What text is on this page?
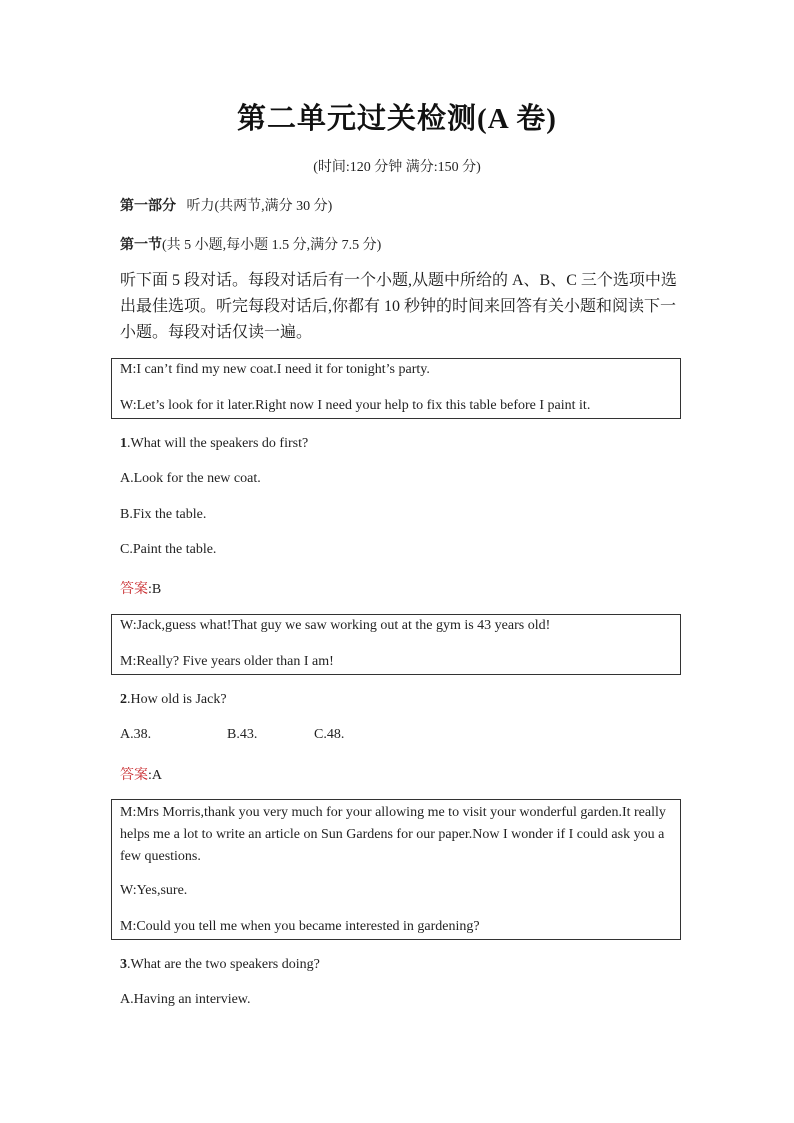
第二单元过关检测(A 卷)
(时间:120 分钟 满分:150 分)
第一部分 听力(共两节,满分 30 分)
第一节(共 5 小题,每小题 1.5 分,满分 7.5 分)
听下面 5 段对话。每段对话后有一个小题,从题中所给的 A、B、C 三个选项中选出最佳选项。听完每段对话后,你都有 10 秒钟的时间来回答有关小题和阅读下一小题。每段对话仅读一遍。
M:I can’t find my new coat.I need it for tonight’s party.
W:Let’s look for it later.Right now I need your help to fix this table before I paint it.
1.What will the speakers do first?
A.Look for the new coat.
B.Fix the table.
C.Paint the table.
答案:B
W:Jack,guess what!That guy we saw working out at the gym is 43 years old!
M:Really? Five years older than I am!
2.How old is Jack?
A.38.	B.43.	C.48.
答案:A
M:Mrs Morris,thank you very much for your allowing me to visit your wonderful garden.It really helps me a lot to write an article on Sun Gardens for our paper.Now I wonder if I could ask you a few questions.
W:Yes,sure.
M:Could you tell me when you became interested in gardening?
3.What are the two speakers doing?
A.Having an interview.
